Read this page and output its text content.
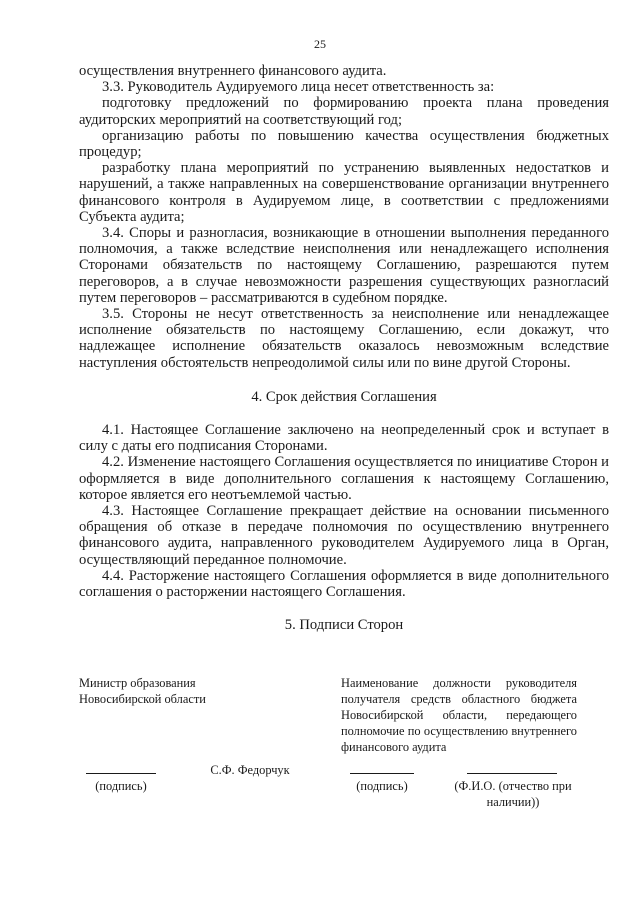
25

осуществления внутреннего финансового аудита.

3.3. Руководитель Аудируемого лица несет ответственность за:

подготовку предложений по формированию проекта плана проведения аудиторских мероприятий на соответствующий год;

организацию работы по повышению качества осуществления бюджетных процедур;

разработку плана мероприятий по устранению выявленных недостатков и нарушений, а также направленных на совершенствование организации внутреннего финансового контроля в Аудируемом лице, в соответствии с предложениями Субъекта аудита;

3.4. Споры и разногласия, возникающие в отношении выполнения переданного полномочия, а также вследствие неисполнения или ненадлежащего исполнения Сторонами обязательств по настоящему Соглашению, разрешаются путем переговоров, а в случае невозможности разрешения существующих разногласий путем переговоров – рассматриваются в судебном порядке.

3.5. Стороны не несут ответственность за неисполнение или ненадлежащее исполнение обязательств по настоящему Соглашению, если докажут, что надлежащее исполнение обязательств оказалось невозможным вследствие наступления обстоятельств непреодолимой силы или по вине другой Стороны.

4. Срок действия Соглашения

4.1. Настоящее Соглашение заключено на неопределенный срок и вступает в силу с даты его подписания Сторонами.

4.2. Изменение настоящего Соглашения осуществляется по инициативе Сторон и оформляется в виде дополнительного соглашения к настоящему Соглашению, которое является его неотъемлемой частью.

4.3. Настоящее Соглашение прекращает действие на основании письменного обращения об отказе в передаче полномочия по осуществлению внутреннего финансового аудита, направленного руководителем Аудируемого лица в Орган, осуществляющий переданное полномочие.

4.4. Расторжение настоящего Соглашения оформляется в виде дополнительного соглашения о расторжении настоящего Соглашения.

5. Подписи Сторон

Министр образования

Новосибирской области

Наименование должности руководителя получателя средств областного бюджета Новосибирской области, передающего полномочие по осуществлению внутреннего финансового аудита

С.Ф. Федорчук
(подпись)	(подпись)	(Ф.И.О. (отчество при наличии))
